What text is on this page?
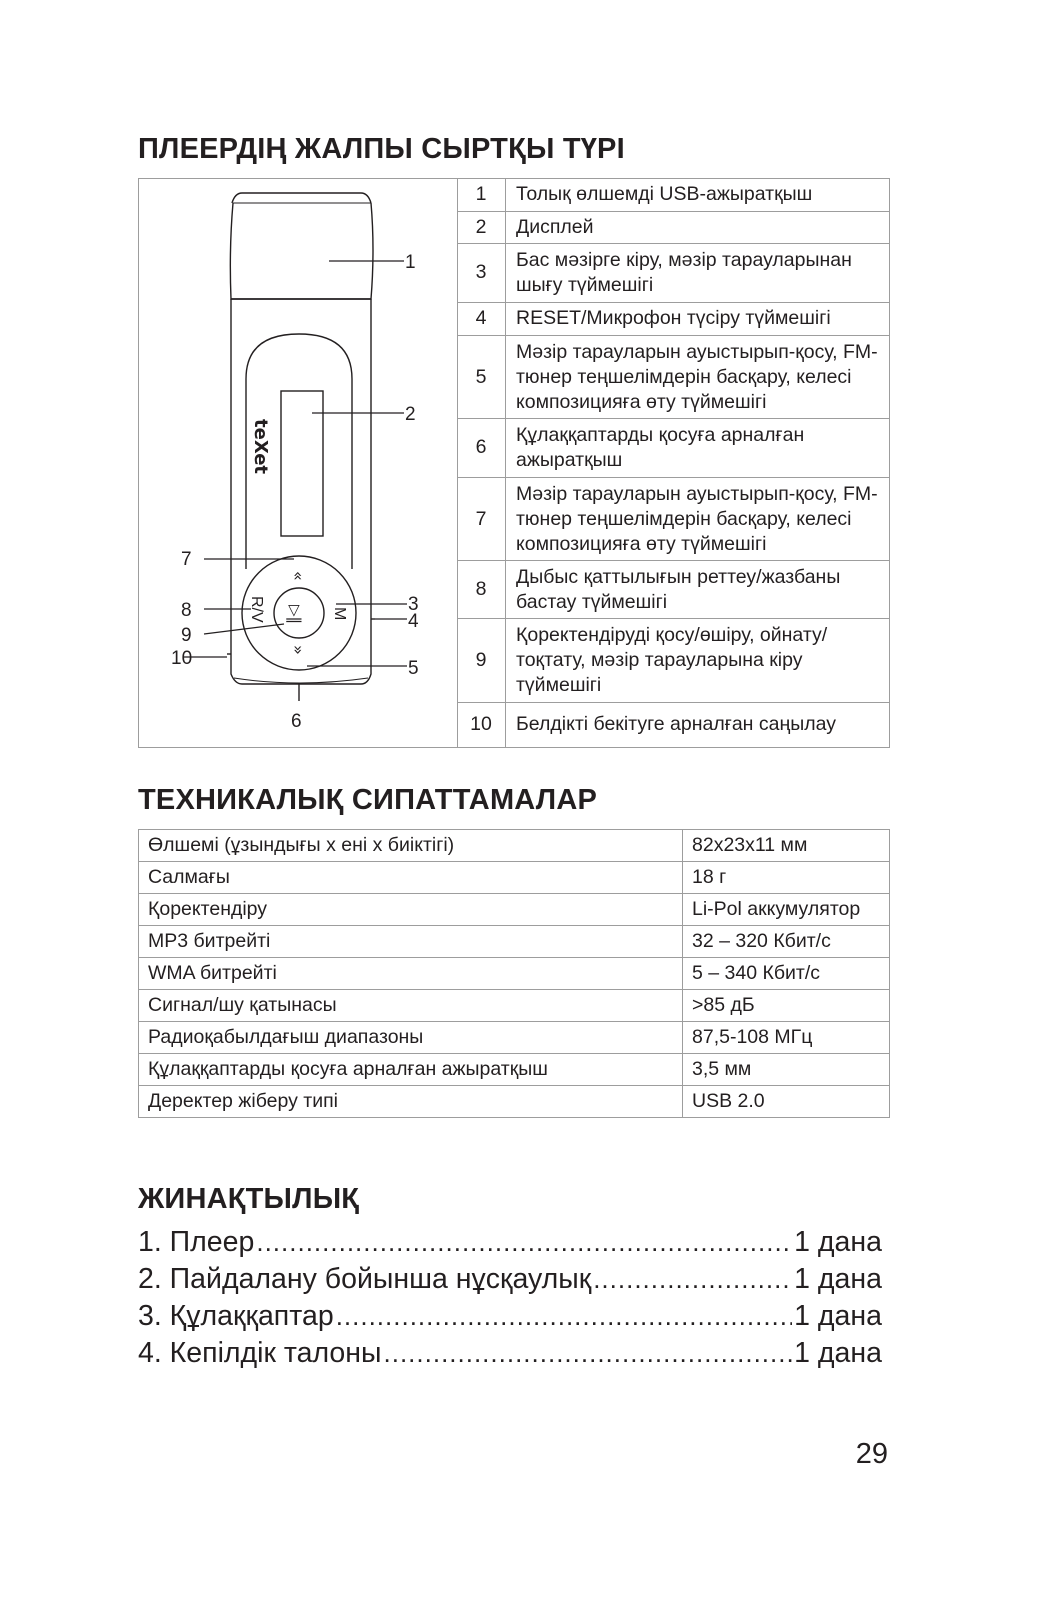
ПЛЕЕРДІҢ ЖАЛПЫ СЫРТҚЫ ТҮРІ
teXet
«
»
R/V	M
▷‖
1
2
3
4
5
6
7
8
9
10
1	Толық өлшемді USB-ажыратқыш
2	Дисплей
3	Бас мәзірге кіру, мәзір тарауларынан шығу түймешігі
4	RESET/Микрофон түсіру түймешігі
5	Мәзір тарауларын ауыстырып-қосу, FM-тюнер теңшелімдерін басқару, келесі композицияға өту түймешігі
6	Құлаққаптарды қосуға арналған ажыратқыш
7	Мәзір тарауларын ауыстырып-қосу, FM-тюнер теңшелімдерін басқару, келесі композицияға өту түймешігі
8	Дыбыс қаттылығын реттеу/жазбаны бастау түймешігі
9	Қоректендіруді қосу/өшіру, ойнату/тоқтату, мәзір тарауларына кіру түймешігі
10	Белдікті бекітуге арналған саңылау
ТЕХНИКАЛЫҚ СИПАТТАМАЛАР
Өлшемі (ұзындығы х ені х биіктігі)	82x23x11 мм
Салмағы	18 г
Қоректендіру	Li-Pol аккумулятор
MP3 битрейті	32 – 320 Кбит/с
WMA битрейті	5 – 340 Кбит/с
Сигнал/шу қатынасы	>85 дБ
Радиоқабылдағыш диапазоны	87,5-108 МГц
Құлаққаптарды қосуға арналған ажыратқыш	3,5 мм
Деректер жіберу типі	USB 2.0
ЖИНАҚТЫЛЫҚ
1. Плеер .....	1 дана
2. Пайдалану бойынша нұсқаулық .....	1 дана
3. Құлаққаптар .....	1 дана
4. Кепілдік талоны .....	1 дана
29
